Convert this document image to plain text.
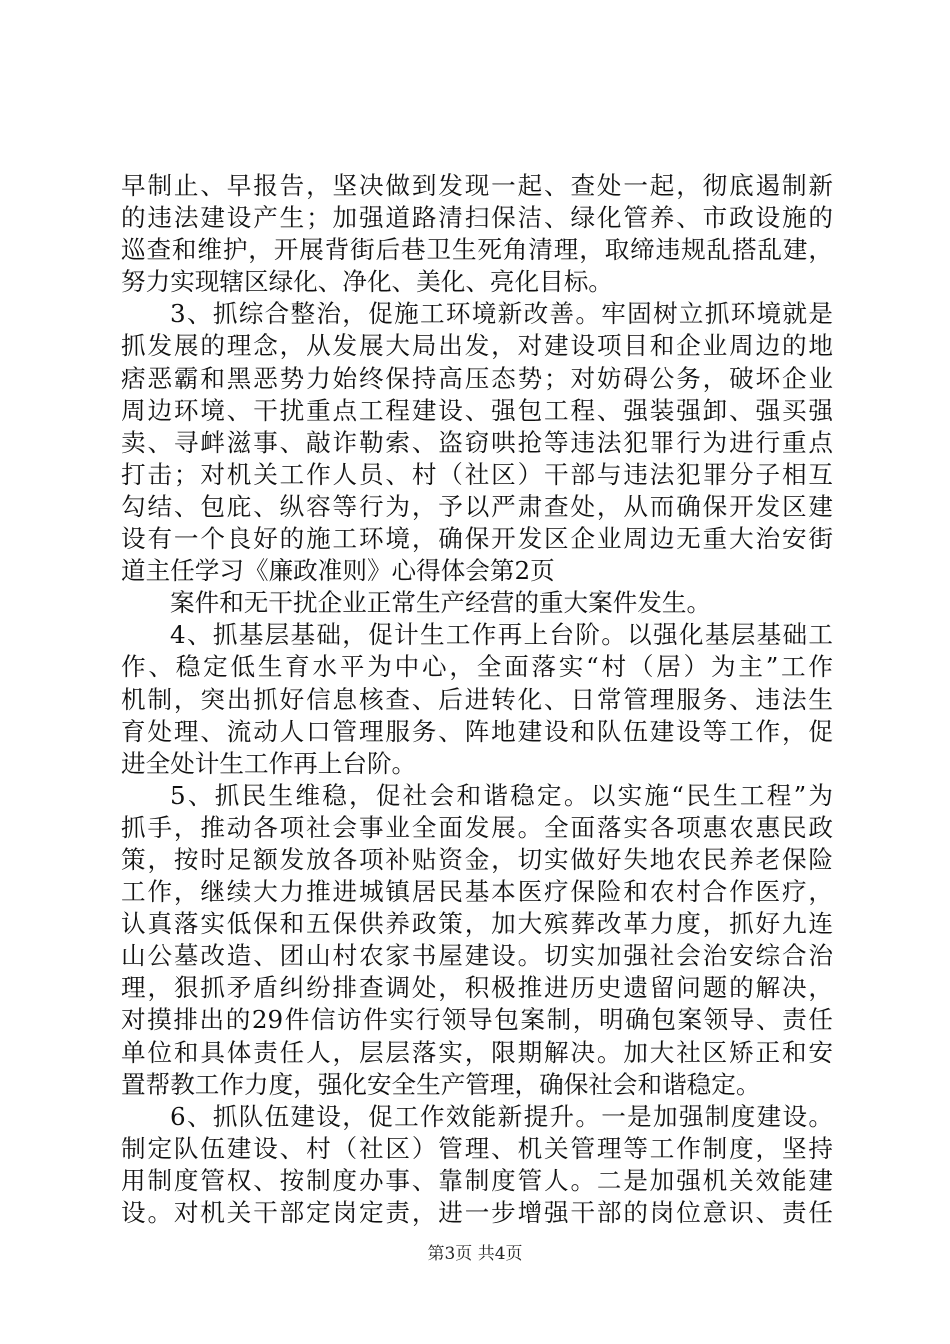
早制止、早报告，坚决做到发现一起、查处一起，彻底遏制新
的违法建设产生；加强道路清扫保洁、绿化管养、市政设施的
巡查和维护，开展背街后巷卫生死角清理，取缔违规乱搭乱建，
努力实现辖区绿化、净化、美化、亮化目标。
3、抓综合整治，促施工环境新改善。牢固树立抓环境就是
抓发展的理念，从发展大局出发，对建设项目和企业周边的地
痞恶霸和黑恶势力始终保持高压态势；对妨碍公务，破坏企业
周边环境、干扰重点工程建设、强包工程、强装强卸、强买强
卖、寻衅滋事、敲诈勒索、盗窃哄抢等违法犯罪行为进行重点
打击；对机关工作人员、村（社区）干部与违法犯罪分子相互
勾结、包庇、纵容等行为，予以严肃查处，从而确保开发区建
设有一个良好的施工环境，确保开发区企业周边无重大治安街
道主任学习《廉政准则》心得体会第2页
案件和无干扰企业正常生产经营的重大案件发生。
4、抓基层基础，促计生工作再上台阶。以强化基层基础工
作、稳定低生育水平为中心，全面落实“村（居）为主”工作
机制，突出抓好信息核查、后进转化、日常管理服务、违法生
育处理、流动人口管理服务、阵地建设和队伍建设等工作，促
进全处计生工作再上台阶。
5、抓民生维稳，促社会和谐稳定。以实施“民生工程”为
抓手，推动各项社会事业全面发展。全面落实各项惠农惠民政
策，按时足额发放各项补贴资金，切实做好失地农民养老保险
工作，继续大力推进城镇居民基本医疗保险和农村合作医疗，
认真落实低保和五保供养政策，加大殡葬改革力度，抓好九连
山公墓改造、团山村农家书屋建设。切实加强社会治安综合治
理，狠抓矛盾纠纷排查调处，积极推进历史遗留问题的解决，
对摸排出的29件信访件实行领导包案制，明确包案领导、责任
单位和具体责任人，层层落实，限期解决。加大社区矫正和安
置帮教工作力度，强化安全生产管理，确保社会和谐稳定。
6、抓队伍建设，促工作效能新提升。一是加强制度建设。
制定队伍建设、村（社区）管理、机关管理等工作制度，坚持
用制度管权、按制度办事、靠制度管人。二是加强机关效能建
设。对机关干部定岗定责，进一步增强干部的岗位意识、责任
第3页 共4页
